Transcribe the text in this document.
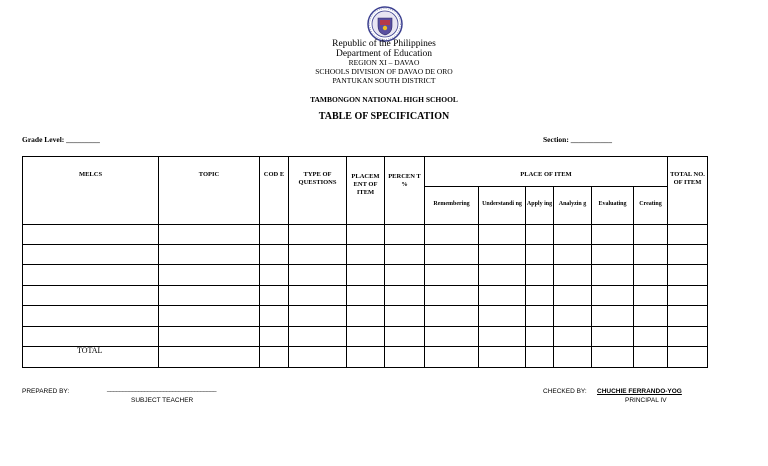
Republic of the Philippines
Department of Education
REGION XI – DAVAO
SCHOOLS DIVISION OF DAVAO DE ORO
PANTUKAN SOUTH DISTRICT
TAMBONGON NATIONAL HIGH SCHOOL
TABLE OF SPECIFICATION
Grade Level: _________	Section: ___________
MELCS	TOPIC	COD E	TYPE OF QUESTIONS	PLACEM ENT OF ITEM	PERCEN T %	PLACE OF ITEM						TOTAL NO. OF ITEM
						Remembering	Understandi ng	Apply ing	Analyzin g	Evaluating	Creating	

TOTAL												
PREPARED BY:	___________________________________
SUBJECT TEACHER
CHECKED BY: CHUCHIE FERRANDO-YOG
PRINCIPAL IV
